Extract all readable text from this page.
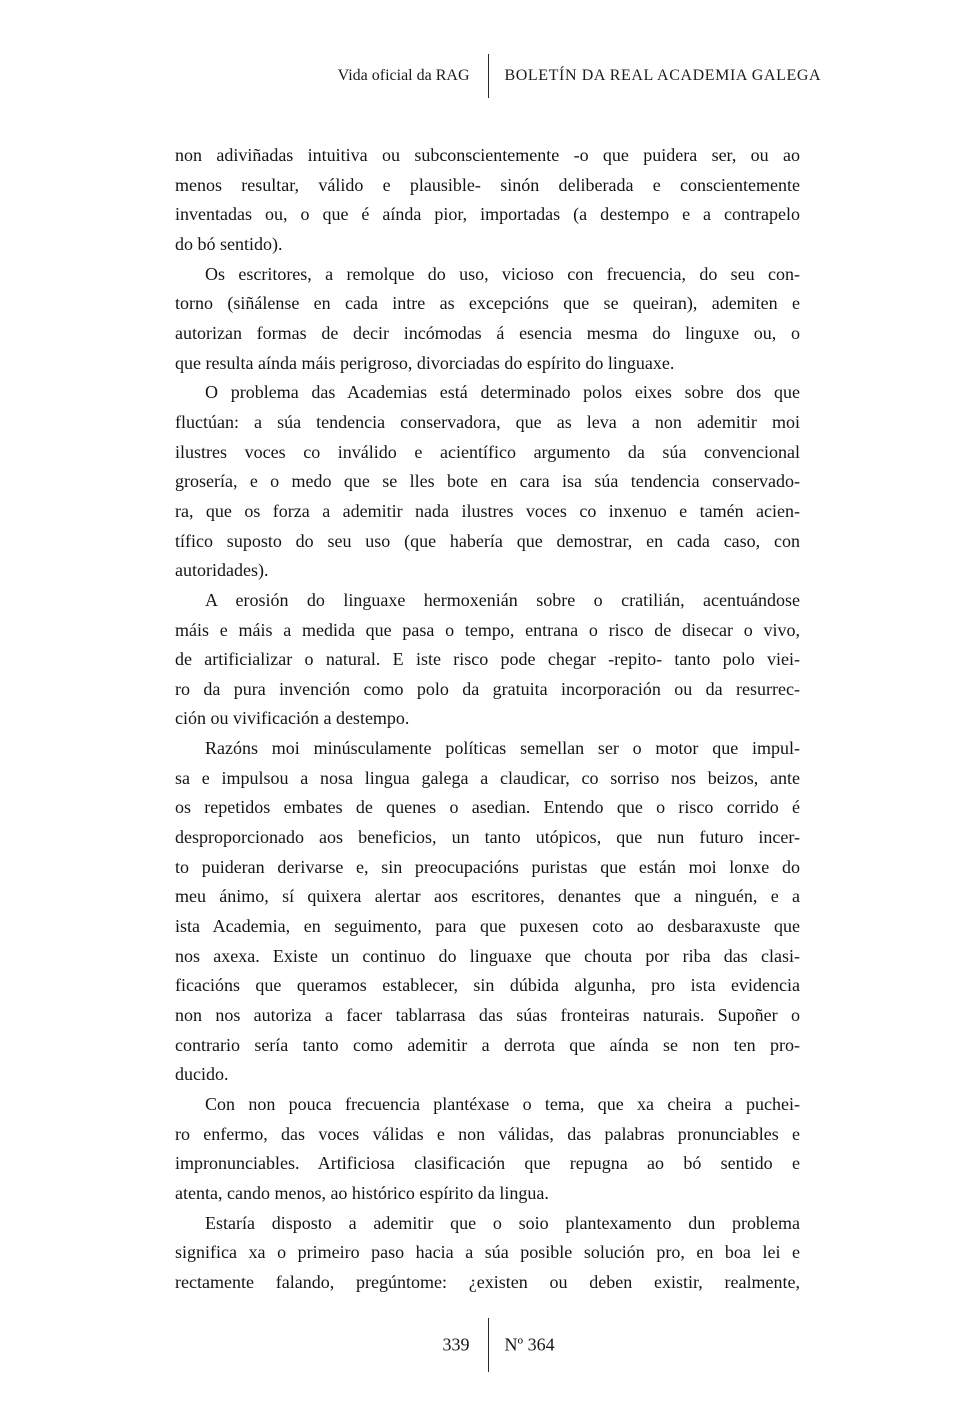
Vida oficial da RAG BOLETÍN DA REAL ACADEMIA GALEGA
non adiviñadas intuitiva ou subconscientemente -o que puidera ser, ou ao
menos resultar, válido e plausible- sinón deliberada e conscientemente
inventadas ou, o que é aínda pior, importadas (a destempo e a contrapelo
do bó sentido).
Os escritores, a remolque do uso, vicioso con frecuencia, do seu con-
torno (siñálense en cada intre as excepcións que se queiran), ademiten e
autorizan formas de decir incómodas á esencia mesma do linguxe ou, o
que resulta aínda máis perigroso, divorciadas do espírito do linguaxe.
O problema das Academias está determinado polos eixes sobre dos que
fluctúan: a súa tendencia conservadora, que as leva a non ademitir moi
ilustres voces co inválido e acientífico argumento da súa convencional
grosería, e o medo que se lles bote en cara isa súa tendencia conservado-
ra, que os forza a ademitir nada ilustres voces co inxenuo e tamén acien-
tífico suposto do seu uso (que habería que demostrar, en cada caso, con
autoridades).
A erosión do linguaxe hermoxenián sobre o cratilián, acentuándose
máis e máis a medida que pasa o tempo, entrana o risco de disecar o vivo,
de artificializar o natural. E iste risco pode chegar -repito- tanto polo viei-
ro da pura invención como polo da gratuita incorporación ou da resurrec-
ción ou vivificación a destempo.
Razóns moi minúsculamente políticas semellan ser o motor que impul-
sa e impulsou a nosa lingua galega a claudicar, co sorriso nos beizos, ante
os repetidos embates de quenes o asedian. Entendo que o risco corrido é
desproporcionado aos beneficios, un tanto utópicos, que nun futuro incer-
to puideran derivarse e, sin preocupacións puristas que están moi lonxe do
meu ánimo, sí quixera alertar aos escritores, denantes que a ninguén, e a
ista Academia, en seguimento, para que puxesen coto ao desbaraxuste que
nos axexa. Existe un continuo do linguaxe que chouta por riba das clasi-
ficacións que queramos establecer, sin dúbida algunha, pro ista evidencia
non nos autoriza a facer tablarrasa das súas fronteiras naturais. Supoñer o
contrario sería tanto como ademitir a derrota que aínda se non ten pro-
ducido.
Con non pouca frecuencia plantéxase o tema, que xa cheira a puchei-
ro enfermo, das voces válidas e non válidas, das palabras pronunciables e
impronunciables. Artificiosa clasificación que repugna ao bó sentido e
atenta, cando menos, ao histórico espírito da lingua.
Estaría disposto a ademitir que o soio plantexamento dun problema
significa xa o primeiro paso hacia a súa posible solución pro, en boa lei e
rectamente falando, pregúntome: ¿existen ou deben existir, realmente,
339 Nº 364
